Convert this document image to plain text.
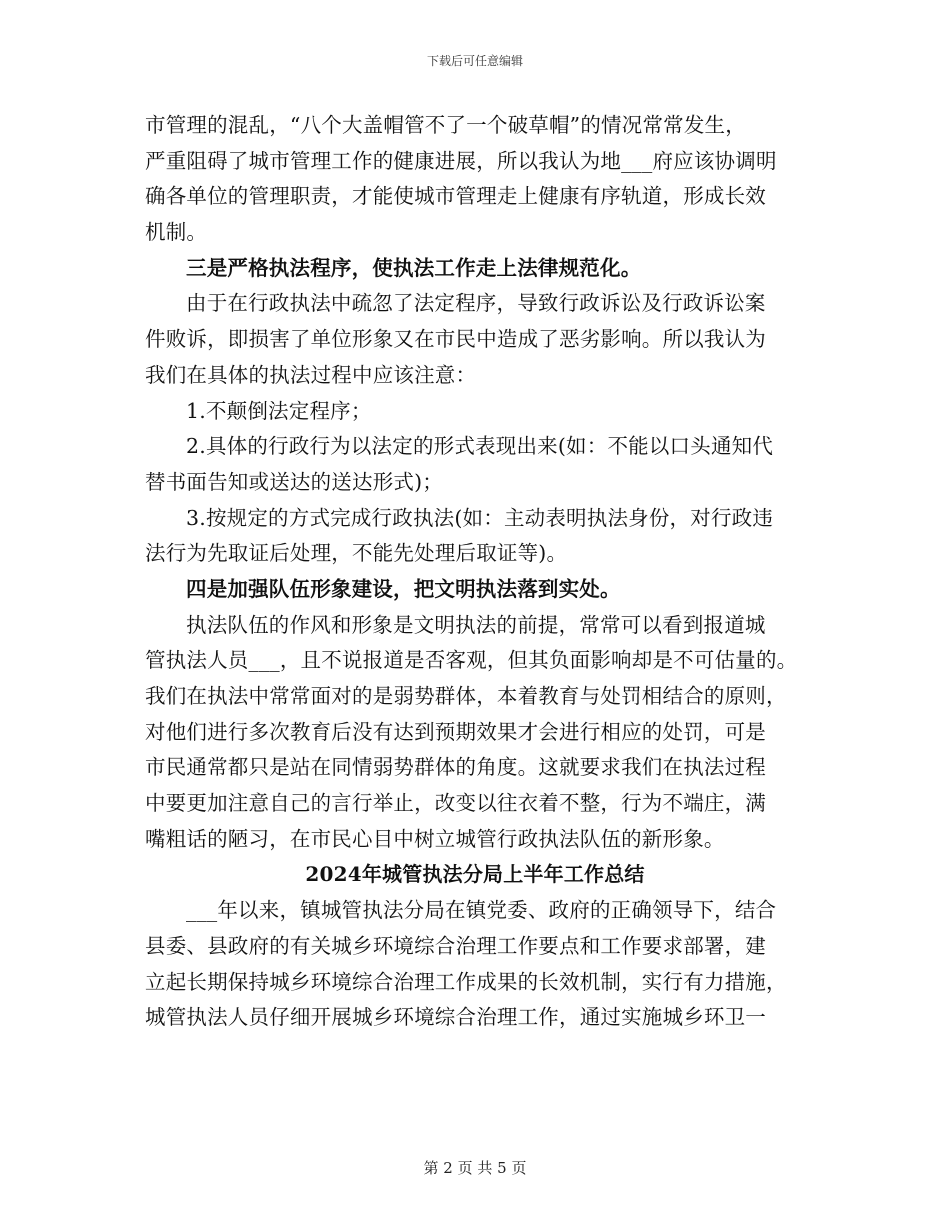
下载后可任意编辑
市管理的混乱，“八个大盖帽管不了一个破草帽”的情况常常发生，
严重阻碍了城市管理工作的健康进展，所以我认为地___府应该协调明
确各单位的管理职责，才能使城市管理走上健康有序轨道，形成长效
机制。
三是严格执法程序，使执法工作走上法律规范化。
由于在行政执法中疏忽了法定程序，导致行政诉讼及行政诉讼案
件败诉，即损害了单位形象又在市民中造成了恶劣影响。所以我认为
我们在具体的执法过程中应该注意：
1.不颠倒法定程序；
2.具体的行政行为以法定的形式表现出来(如：不能以口头通知代
替书面告知或送达的送达形式)；
3.按规定的方式完成行政执法(如：主动表明执法身份，对行政违
法行为先取证后处理，不能先处理后取证等)。
四是加强队伍形象建设，把文明执法落到实处。
执法队伍的作风和形象是文明执法的前提，常常可以看到报道城
管执法人员___，且不说报道是否客观，但其负面影响却是不可估量的。
我们在执法中常常面对的是弱势群体，本着教育与处罚相结合的原则，
对他们进行多次教育后没有达到预期效果才会进行相应的处罚，可是
市民通常都只是站在同情弱势群体的角度。这就要求我们在执法过程
中要更加注意自己的言行举止，改变以往衣着不整，行为不端庄，满
嘴粗话的陋习，在市民心目中树立城管行政执法队伍的新形象。
2024年城管执法分局上半年工作总结
___年以来，镇城管执法分局在镇党委、政府的正确领导下，结合
县委、县政府的有关城乡环境综合治理工作要点和工作要求部署，建
立起长期保持城乡环境综合治理工作成果的长效机制，实行有力措施，
城管执法人员仔细开展城乡环境综合治理工作，通过实施城乡环卫一
第 2 页 共 5 页
